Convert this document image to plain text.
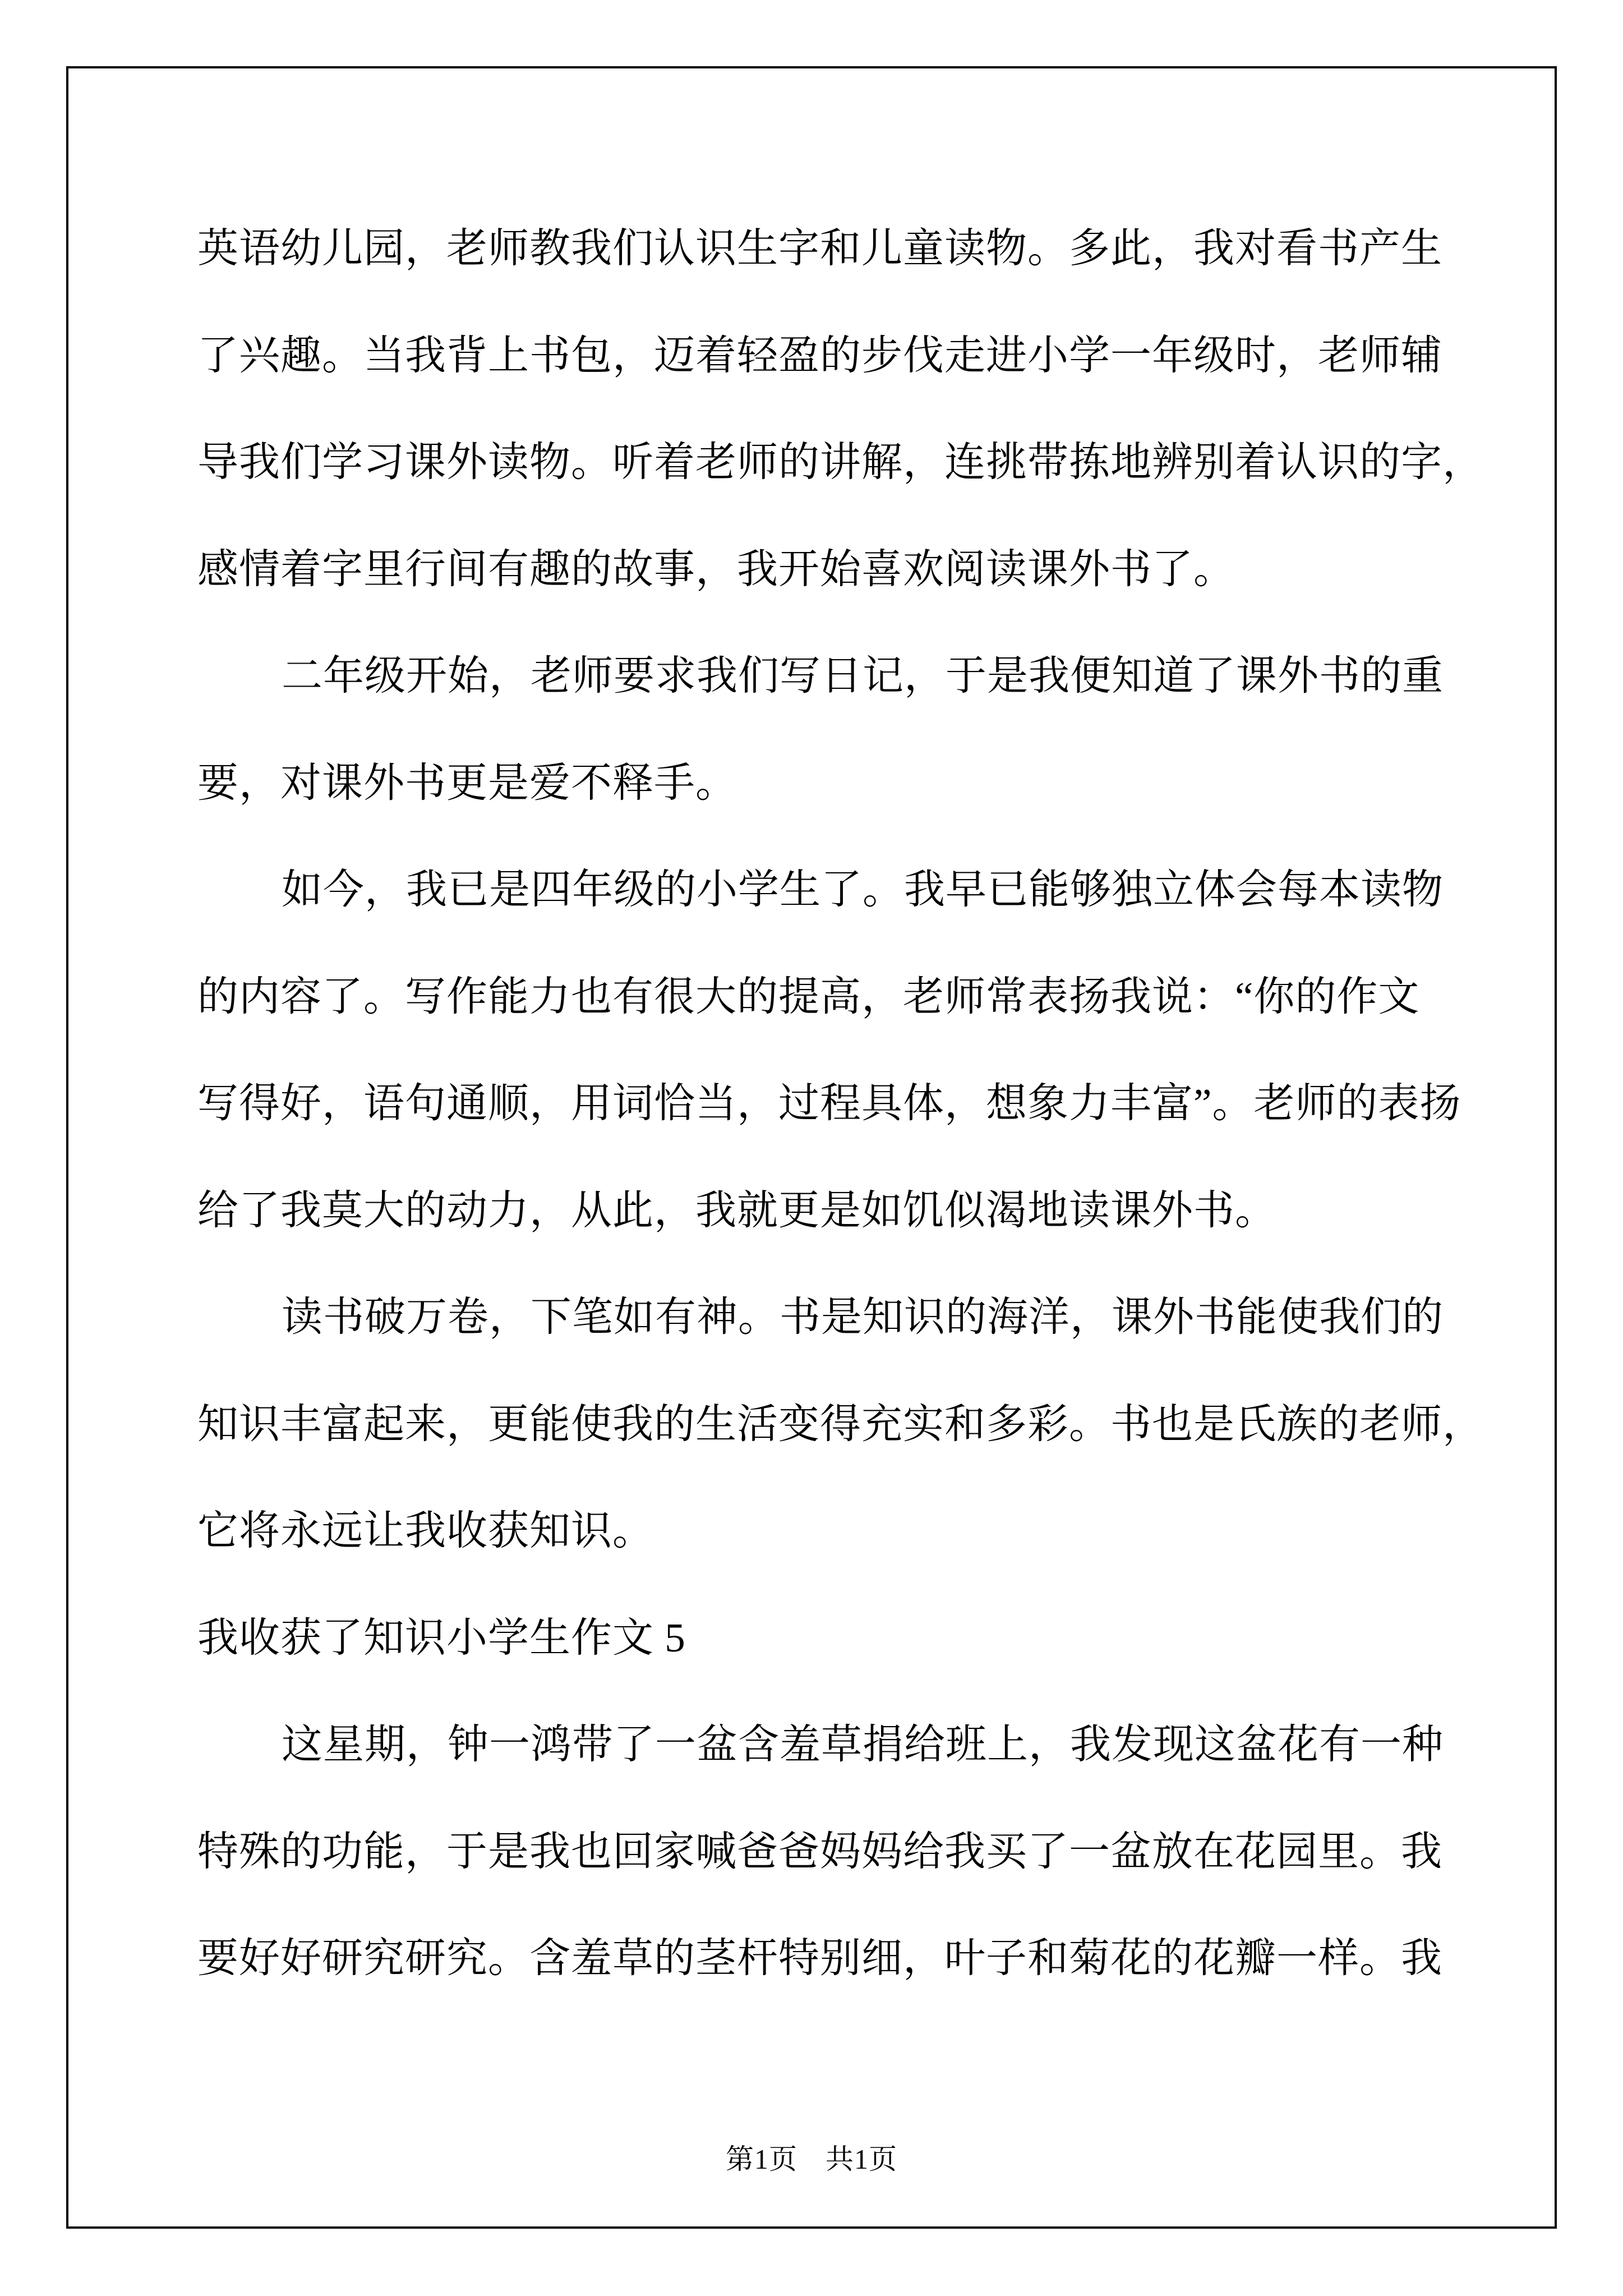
英语幼儿园，老师教我们认识生字和儿童读物。多此，我对看书产生
了兴趣。当我背上书包，迈着轻盈的步伐走进小学一年级时，老师辅
导我们学习课外读物。听着老师的讲解，连挑带拣地辨别着认识的字，
感情着字里行间有趣的故事，我开始喜欢阅读课外书了。
二年级开始，老师要求我们写日记，于是我便知道了课外书的重
要，对课外书更是爱不释手。
如今，我已是四年级的小学生了。我早已能够独立体会每本读物
的内容了。写作能力也有很大的提高，老师常表扬我说：“你的作文
写得好，语句通顺，用词恰当，过程具体，想象力丰富”。老师的表扬
给了我莫大的动力，从此，我就更是如饥似渴地读课外书。
读书破万卷，下笔如有神。书是知识的海洋，课外书能使我们的
知识丰富起来，更能使我的生活变得充实和多彩。书也是氏族的老师，
它将永远让我收获知识。
我收获了知识小学生作文 5
这星期，钟一鸿带了一盆含羞草捐给班上，我发现这盆花有一种
特殊的功能，于是我也回家喊爸爸妈妈给我买了一盆放在花园里。我
要好好研究研究。含羞草的茎杆特别细，叶子和菊花的花瓣一样。我
第1页 共1页
